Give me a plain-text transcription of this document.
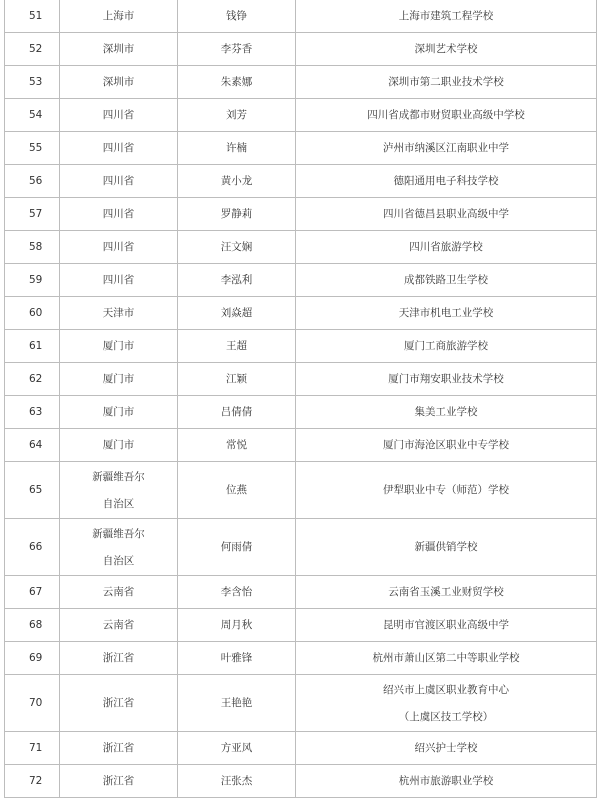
51	上海市	钱铮	上海市建筑工程学校

52	深圳市	李芬香	深圳艺术学校

53	深圳市	朱素娜	深圳市第二职业技术学校

54	四川省	刘芳	四川省成都市财贸职业高级中学校

55	四川省	许楠	泸州市纳溪区江南职业中学

56	四川省	黄小龙	德阳通用电子科技学校

57	四川省	罗静莉	四川省德昌县职业高级中学

58	四川省	汪文娴	四川省旅游学校

59	四川省	李泓利	成都铁路卫生学校

60	天津市	刘焱超	天津市机电工业学校

61	厦门市	王超	厦门工商旅游学校

62	厦门市	江颖	厦门市翔安职业技术学校

63	厦门市	吕倩倩	集美工业学校

64	厦门市	常悦	厦门市海沧区职业中专学校

65	新疆维吾尔
自治区	位燕	伊犁职业中专（师范）学校

66	新疆维吾尔
自治区	何雨倩	新疆供销学校

67	云南省	李含怡	云南省玉溪工业财贸学校

68	云南省	周月秋	昆明市官渡区职业高级中学

69	浙江省	叶雅锋	杭州市萧山区第二中等职业学校

70	浙江省	王艳艳	绍兴市上虞区职业教育中心
（上虞区技工学校）

71	浙江省	方亚风	绍兴护士学校

72	浙江省	汪张杰	杭州市旅游职业学校
